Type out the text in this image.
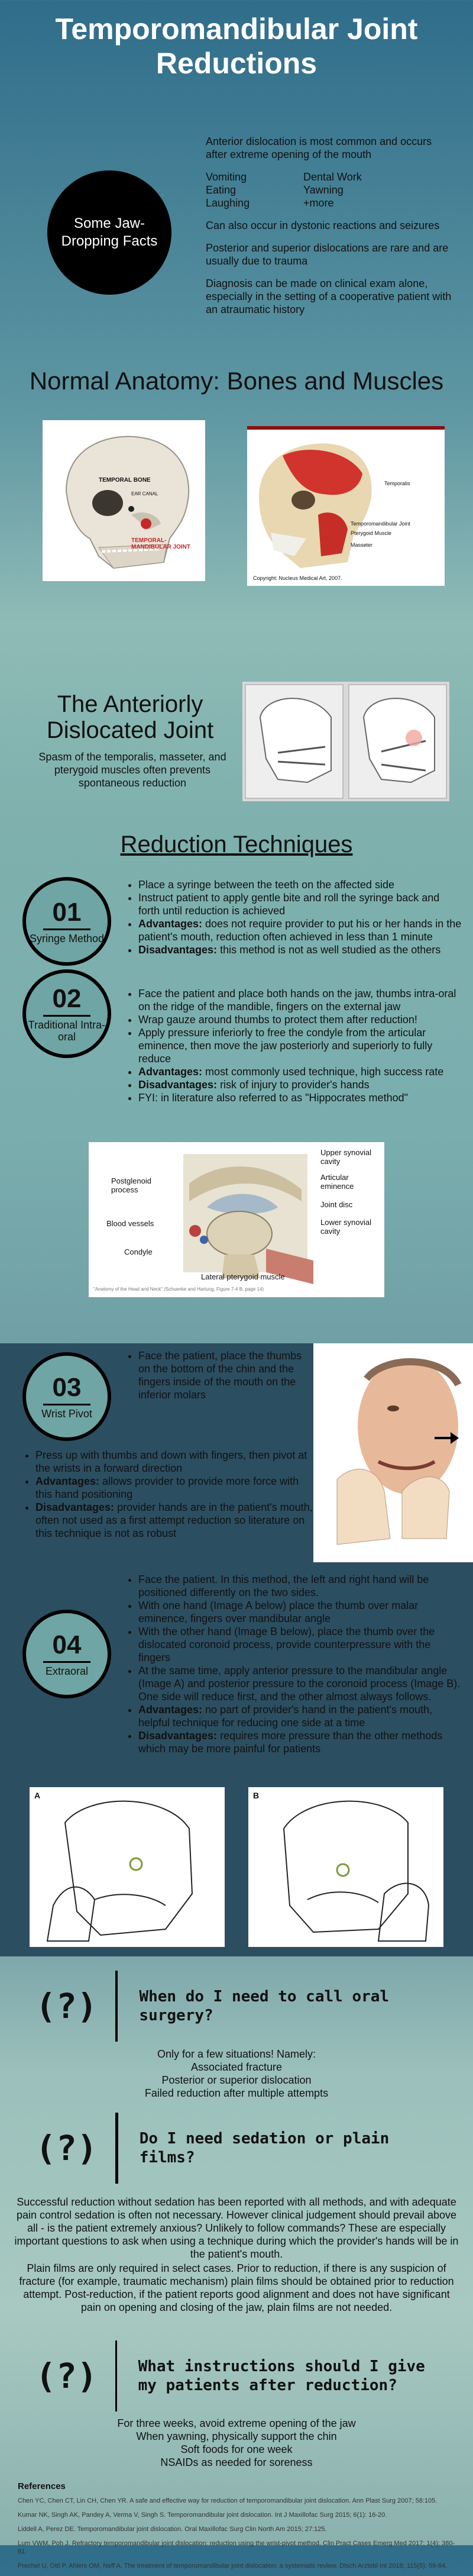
Temporomandibular Joint Reductions
Some Jaw-Dropping Facts

Anterior dislocation is most common and occurs after extreme opening of the mouth

Vomiting	Dental Work
Eating	Yawning
Laughing	+more

Can also occur in dystonic reactions and seizures

Posterior and superior dislocations are rare and are usually due to trauma

Diagnosis can be made on clinical exam alone, especially in the setting of a cooperative patient with an atraumatic history

Normal Anatomy: Bones and Muscles
TEMPORAL BONE
EAR CANAL
TEMPORAL-MANDIBULAR JOINT
Temporalis
Temporomandibular Joint
Pterygoid Muscle
Masseter
Copyright: Nucleus Medical Art, 2007.
The Anteriorly Dislocated Joint
Spasm of the temporalis, masseter, and pterygoid muscles often prevents spontaneous reduction
Reduction Techniques
01
Syringe Method
• Place a syringe between the teeth on the affected side
• Instruct patient to apply gentle bite and roll the syringe back and forth until reduction is achieved
• Advantages: does not require provider to put his or her hands in the patient's mouth, reduction often achieved in less than 1 minute
• Disadvantages: this method is not as well studied as the others
02
Traditional Intra-oral
• Face the patient and place both hands on the jaw, thumbs intra-oral on the ridge of the mandible, fingers on the external jaw
• Wrap gauze around thumbs to protect them after reduction!
• Apply pressure inferiorly to free the condyle from the articular eminence, then move the jaw posteriorly and superiorly to fully reduce
• Advantages: most commonly used technique, high success rate
• Disadvantages: risk of injury to provider's hands
• FYI: in literature also referred to as "Hippocrates method"
Postglenoid process
Upper synovial cavity
Articular eminence
Joint disc
Blood vessels	Lower synovial cavity
Condyle
Lateral pterygoid muscle
"Anatomy of the Head and Neck" (Schuenke and Hartung, Figure 7-4 B, page 14)
03
Wrist Pivot
• Face the patient, place the thumbs on the bottom of the chin and the fingers inside of the mouth on the inferior molars
• Press up with thumbs and down with fingers, then pivot at the wrists in a forward direction
• Advantages: allows provider to provide more force with this hand positioning
• Disadvantages: provider hands are in the patient's mouth, often not used as a first attempt reduction so literature on this technique is not as robust
04
Extraoral
• Face the patient. In this method, the left and right hand will be positioned differently on the two sides.
• With one hand (Image A below) place the thumb over malar eminence, fingers over mandibular angle
• With the other hand (Image B below), place the thumb over the dislocated coronoid process, provide counterpressure with the fingers
• At the same time, apply anterior pressure to the mandibular angle (Image A) and posterior pressure to the coronoid process (Image B). One side will reduce first, and the other almost always follows.
• Advantages: no part of provider's hand in the patient's mouth, helpful technique for reducing one side at a time
• Disadvantages: requires more pressure than the other methods which may be more painful for patients
A	B
(?)	When do I need to call oral surgery?
Only for a few situations! Namely:
Associated fracture
Posterior or superior dislocation
Failed reduction after multiple attempts
(?)	Do I need sedation or plain films?
Successful reduction without sedation has been reported with all methods, and with adequate pain control sedation is often not necessary. However clinical judgement should prevail above all - is the patient extremely anxious? Unlikely to follow commands? These are especially important questions to ask when using a technique during which the provider's hands will be in the patient's mouth.
Plain films are only required in select cases. Prior to reduction, if there is any suspicion of fracture (for example, traumatic mechanism) plain films should be obtained prior to reduction attempt. Post-reduction, if the patient reports good alignment and does not have significant pain on opening and closing of the jaw, plain films are not needed.
(?)	What instructions should I give my patients after reduction?
For three weeks, avoid extreme opening of the jaw
When yawning, physically support the chin
Soft foods for one week
NSAIDs as needed for soreness
References

Chen YC, Chen CT, Lin CH, Chen YR. A safe and effective way for reduction of temporomandibular joint dislocation. Ann Plast Surg 2007; 58:105.

Kumar NK, Singh AK, Pandey A, Verma V, Singh S. Temporomandibular joint dislocation. Int J Maxillofac Surg 2015; 6(1): 16-20.

Liddell A, Perez DE. Temporomandibular joint dislocation. Oral Maxillofac Surg Clin North Am 2015; 27:125.

Lum VWM, Poh J. Refractory temporomandibular joint dislocation: reduction using the wrist-pivot method. Clin Pract Cases Emerg Med 2017; 1(4): 380-81.

Prechel U, Ottl P, Ahlers OM, Neff A. The treatment of temporomandibular joint dislocation: a systematic review. Dtsch Arztebl Int 2018; 115(5): 59-64.
